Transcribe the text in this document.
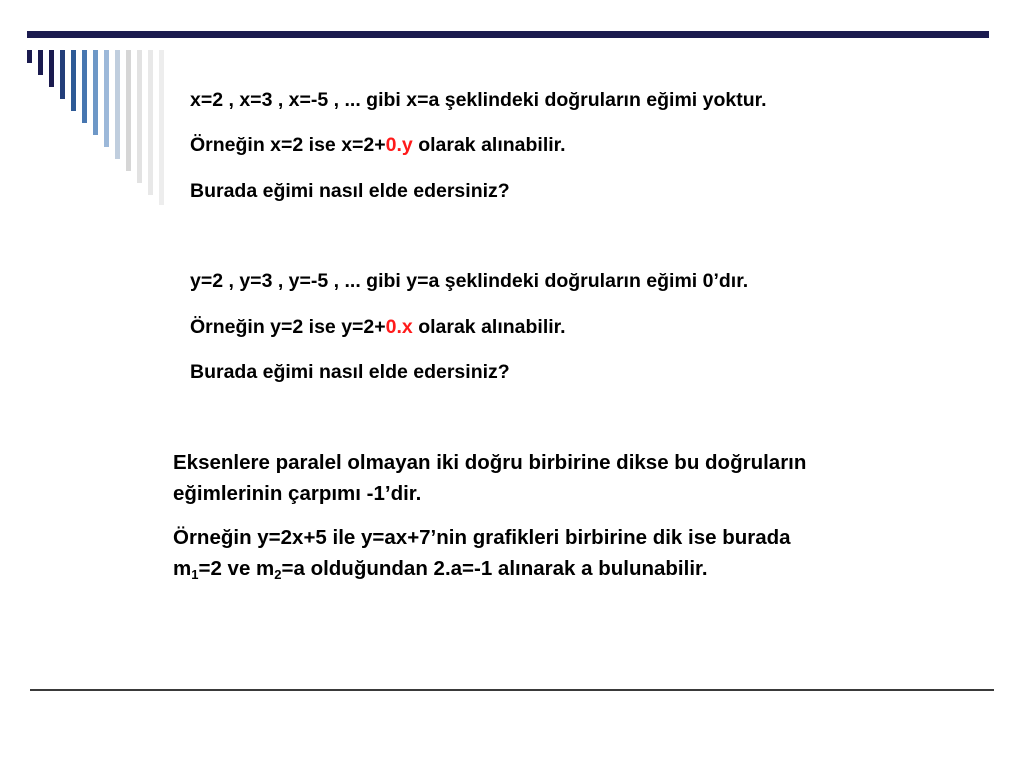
x=2 , x=3 , x=-5 , ... gibi x=a şeklindeki doğruların eğimi yoktur.

Örneğin x=2 ise x=2+0.y olarak alınabilir.

Burada eğimi nasıl elde edersiniz?

y=2 , y=3 , y=-5 , ... gibi y=a şeklindeki doğruların eğimi 0’dır.

Örneğin y=2 ise y=2+0.x olarak alınabilir.

Burada eğimi nasıl elde edersiniz?

Eksenlere paralel olmayan iki doğru birbirine dikse bu doğruların

eğimlerinin çarpımı -1’dir.

Örneğin y=2x+5 ile y=ax+7’nin grafikleri birbirine dik ise burada

$m_1=2$ ve $m_2=a$ olduğundan 2.a=-1 alınarak a bulunabilir.
